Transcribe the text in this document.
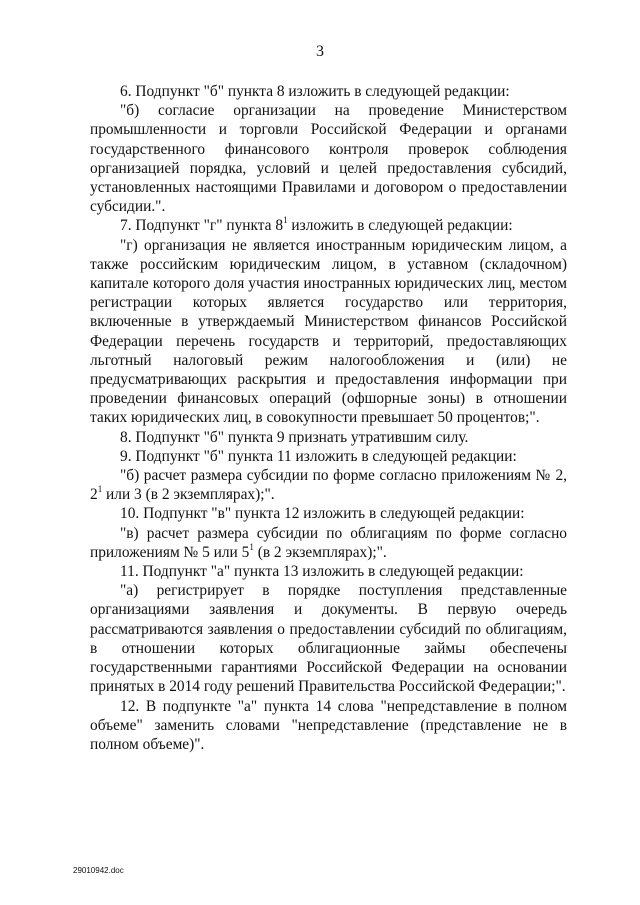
3

6. Подпункт "б" пункта 8 изложить в следующей редакции:

"б) согласие организации на проведение Министерством промышленности и торговли Российской Федерации и органами государственного финансового контроля проверок соблюдения организацией порядка, условий и целей предоставления субсидий, установленных настоящими Правилами и договором о предоставлении субсидии.".

7. Подпункт "г" пункта $8^1$ изложить в следующей редакции:

"г) организация не является иностранным юридическим лицом, а также российским юридическим лицом, в уставном (складочном) капитале которого доля участия иностранных юридических лиц, местом регистрации которых является государство или территория, включенные в утверждаемый Министерством финансов Российской Федерации перечень государств и территорий, предоставляющих льготный налоговый режим налогообложения и (или) не предусматривающих раскрытия и предоставления информации при проведении финансовых операций (офшорные зоны) в отношении таких юридических лиц, в совокупности превышает 50 процентов;".

8. Подпункт "б" пункта 9 признать утратившим силу.

9. Подпункт "б" пункта 11 изложить в следующей редакции:

"б) расчет размера субсидии по форме согласно приложениям № 2, $2^1$ или 3 (в 2 экземплярах);".

10. Подпункт "в" пункта 12 изложить в следующей редакции:

"в) расчет размера субсидии по облигациям по форме согласно приложениям № 5 или $5^1$ (в 2 экземплярах);".

11. Подпункт "а" пункта 13 изложить в следующей редакции:

"а) регистрирует в порядке поступления представленные организациями заявления и документы. В первую очередь рассматриваются заявления о предоставлении субсидий по облигациям, в отношении которых облигационные займы обеспечены государственными гарантиями Российской Федерации на основании принятых в 2014 году решений Правительства Российской Федерации;".

12. В подпункте "а" пункта 14 слова "непредставление в полном объеме" заменить словами "непредставление (представление не в полном объеме)".

29010942.doc
